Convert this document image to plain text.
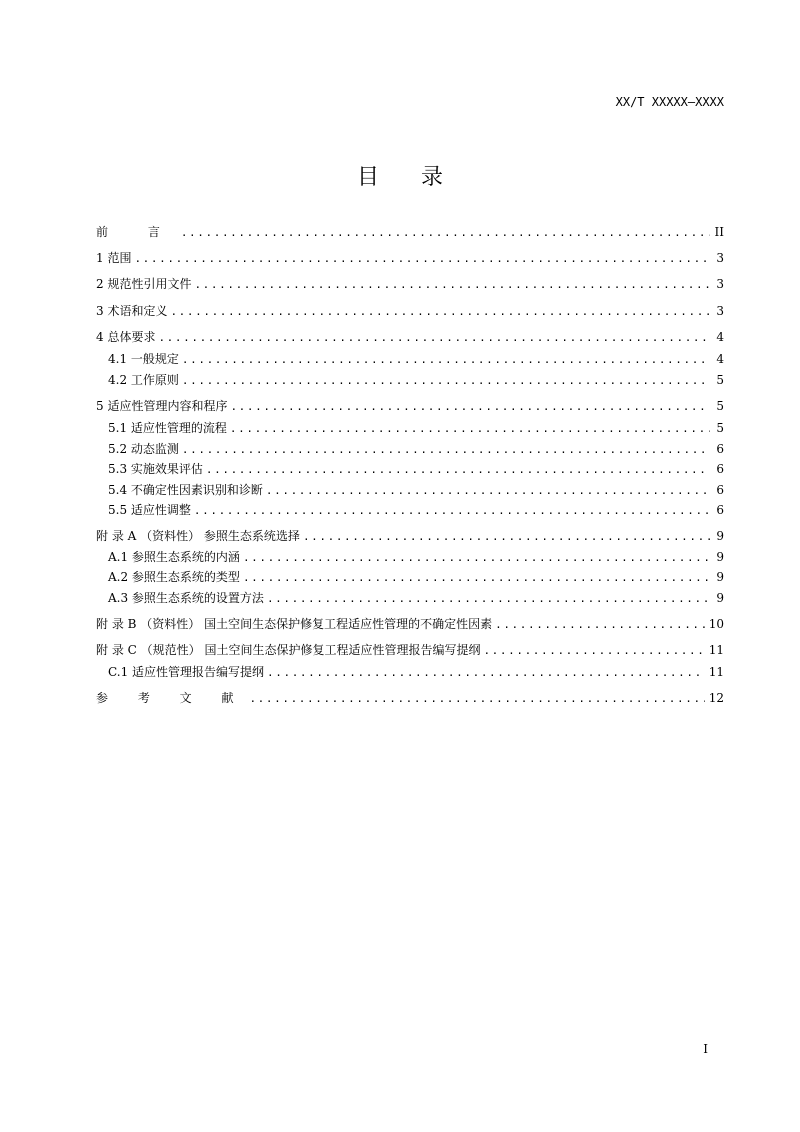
XX/T XXXXX—XXXX
目 录
前 言 .....	II
1 范围 .....	3
2 规范性引用文件 .....	3
3 术语和定义 .....	3
4 总体要求 .....	4
4.1 一般规定 .....	4
4.2 工作原则 .....	5
5 适应性管理内容和程序 .....	5
5.1 适应性管理的流程 .....	5
5.2 动态监测 .....	6
5.3 实施效果评估 .....	6
5.4 不确定性因素识别和诊断 .....	6
5.5 适应性调整 .....	6
附 录 A （资料性） 参照生态系统选择 .....	9
A.1 参照生态系统的内涵 .....	9
A.2 参照生态系统的类型 .....	9
A.3 参照生态系统的设置方法 .....	9
附 录 B （资料性） 国土空间生态保护修复工程适应性管理的不确定性因素 .....	10
附 录 C （规范性） 国土空间生态保护修复工程适应性管理报告编写提纲 .....	11
C.1 适应性管理报告编写提纲 .....	11
参 考 文 献 .....	12
I
